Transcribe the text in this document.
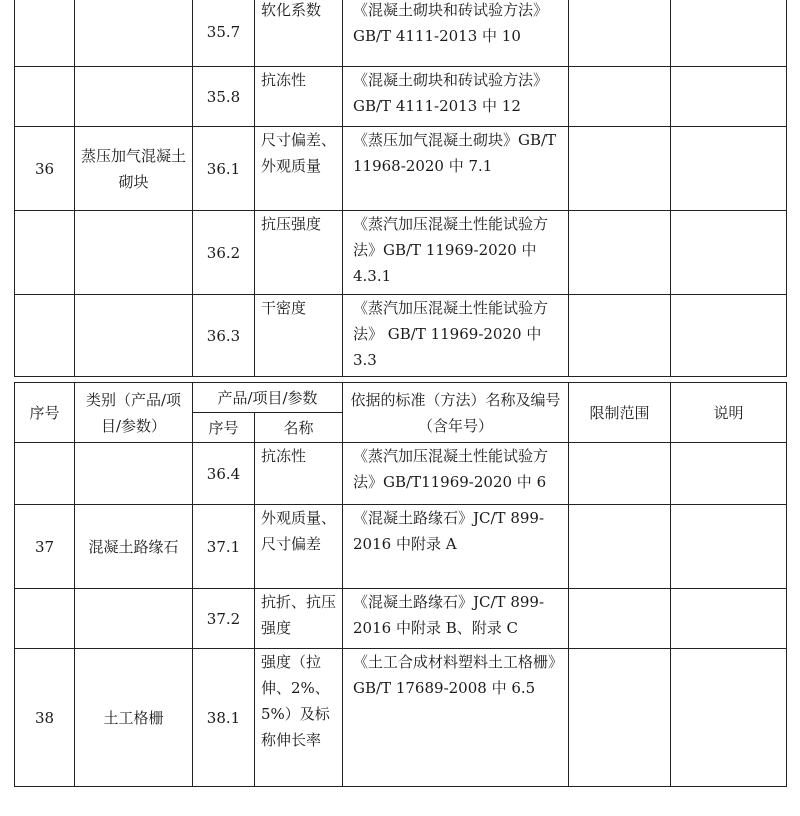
		35.7	软化系数	《混凝土砌块和砖试验方法》GB/T 4111-2013 中 10		
		35.8	抗冻性	《混凝土砌块和砖试验方法》GB/T 4111-2013 中 12		
36	蒸压加气混凝土砌块	36.1	尺寸偏差、外观质量	《蒸压加气混凝土砌块》GB/T 11968-2020 中 7.1		
		36.2	抗压强度	《蒸汽加压混凝土性能试验方法》GB/T 11969-2020 中 4.3.1		
		36.3	干密度	《蒸汽加压混凝土性能试验方法》 GB/T 11969-2020 中 3.3		
序号	类别（产品/项目/参数）	产品/项目/参数		依据的标准（方法）名称及编号（含年号）	限制范围	说明
		序号	名称			
		36.4	抗冻性	《蒸汽加压混凝土性能试验方法》GB/T11969-2020 中 6		
37	混凝土路缘石	37.1	外观质量、尺寸偏差	《混凝土路缘石》JC/T 899-2016 中附录 A		
		37.2	抗折、抗压强度	《混凝土路缘石》JC/T 899-2016 中附录 B、附录 C		
38	土工格栅	38.1	强度（拉伸、2%、5%）及标称伸长率	《土工合成材料塑料土工格栅》GB/T 17689-2008 中 6.5		
